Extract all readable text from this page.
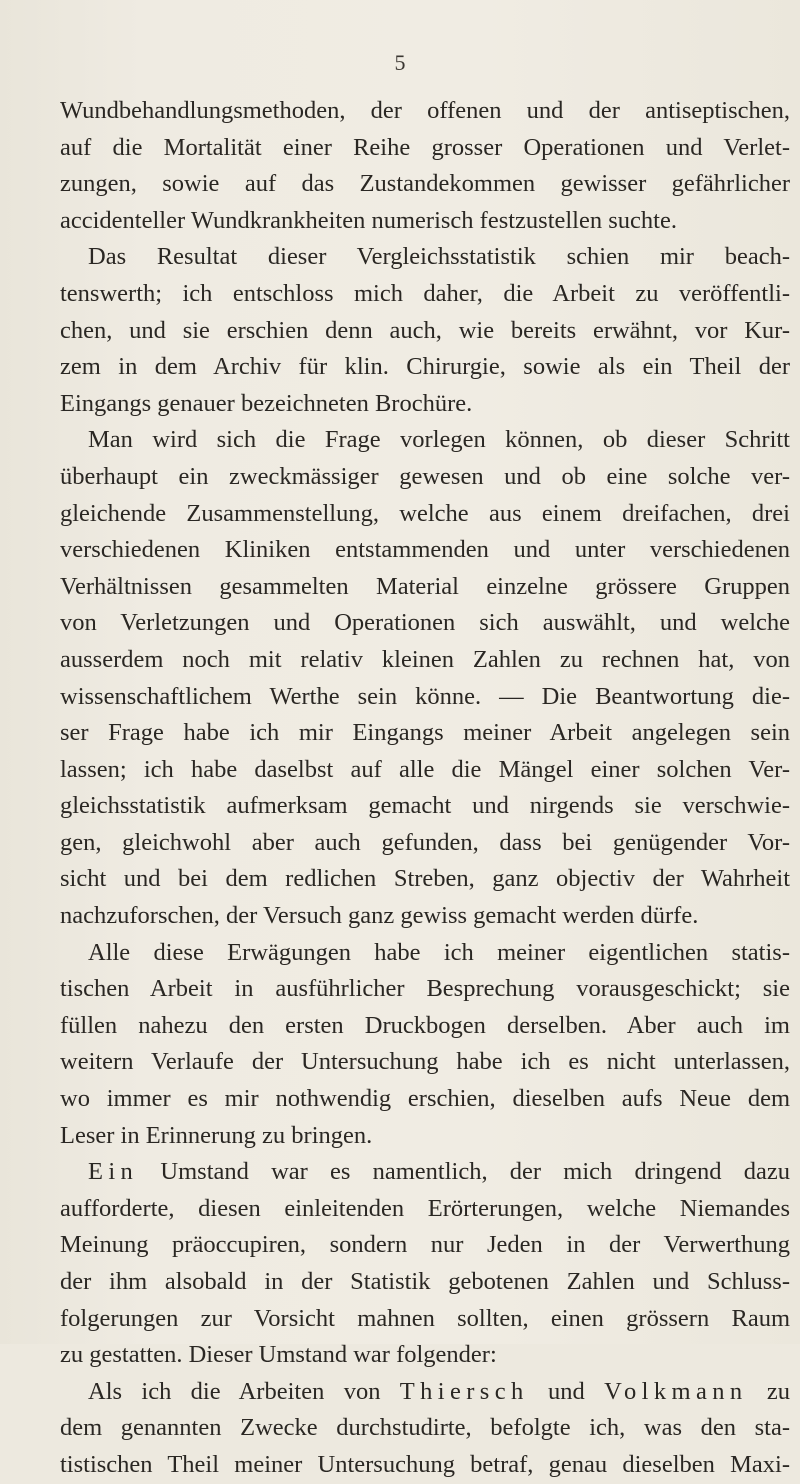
5
Wundbehandlungsmethoden, der offenen und der antiseptischen,
auf die Mortalität einer Reihe grosser Operationen und Verlet-
zungen, sowie auf das Zustandekommen gewisser gefährlicher
accidenteller Wundkrankheiten numerisch festzustellen suchte.
Das Resultat dieser Vergleichsstatistik schien mir beach-
tenswerth; ich entschloss mich daher, die Arbeit zu veröffentli-
chen, und sie erschien denn auch, wie bereits erwähnt, vor Kur-
zem in dem Archiv für klin. Chirurgie, sowie als ein Theil der
Eingangs genauer bezeichneten Brochüre.
Man wird sich die Frage vorlegen können, ob dieser Schritt
überhaupt ein zweckmässiger gewesen und ob eine solche ver-
gleichende Zusammenstellung, welche aus einem dreifachen, drei
verschiedenen Kliniken entstammenden und unter verschiedenen
Verhältnissen gesammelten Material einzelne grössere Gruppen
von Verletzungen und Operationen sich auswählt, und welche
ausserdem noch mit relativ kleinen Zahlen zu rechnen hat, von
wissenschaftlichem Werthe sein könne. — Die Beantwortung die-
ser Frage habe ich mir Eingangs meiner Arbeit angelegen sein
lassen; ich habe daselbst auf alle die Mängel einer solchen Ver-
gleichsstatistik aufmerksam gemacht und nirgends sie verschwie-
gen, gleichwohl aber auch gefunden, dass bei genügender Vor-
sicht und bei dem redlichen Streben, ganz objectiv der Wahrheit
nachzuforschen, der Versuch ganz gewiss gemacht werden dürfe.
Alle diese Erwägungen habe ich meiner eigentlichen statis-
tischen Arbeit in ausführlicher Besprechung vorausgeschickt; sie
füllen nahezu den ersten Druckbogen derselben. Aber auch im
weitern Verlaufe der Untersuchung habe ich es nicht unterlassen,
wo immer es mir nothwendig erschien, dieselben aufs Neue dem
Leser in Erinnerung zu bringen.
Ein Umstand war es namentlich, der mich dringend dazu
aufforderte, diesen einleitenden Erörterungen, welche Niemandes
Meinung präoccupiren, sondern nur Jeden in der Verwerthung
der ihm alsobald in der Statistik gebotenen Zahlen und Schluss-
folgerungen zur Vorsicht mahnen sollten, einen grössern Raum
zu gestatten. Dieser Umstand war folgender:
Als ich die Arbeiten von Thiersch und Volkmann zu
dem genannten Zwecke durchstudirte, befolgte ich, was den sta-
tistischen Theil meiner Untersuchung betraf, genau dieselben Maxi-
